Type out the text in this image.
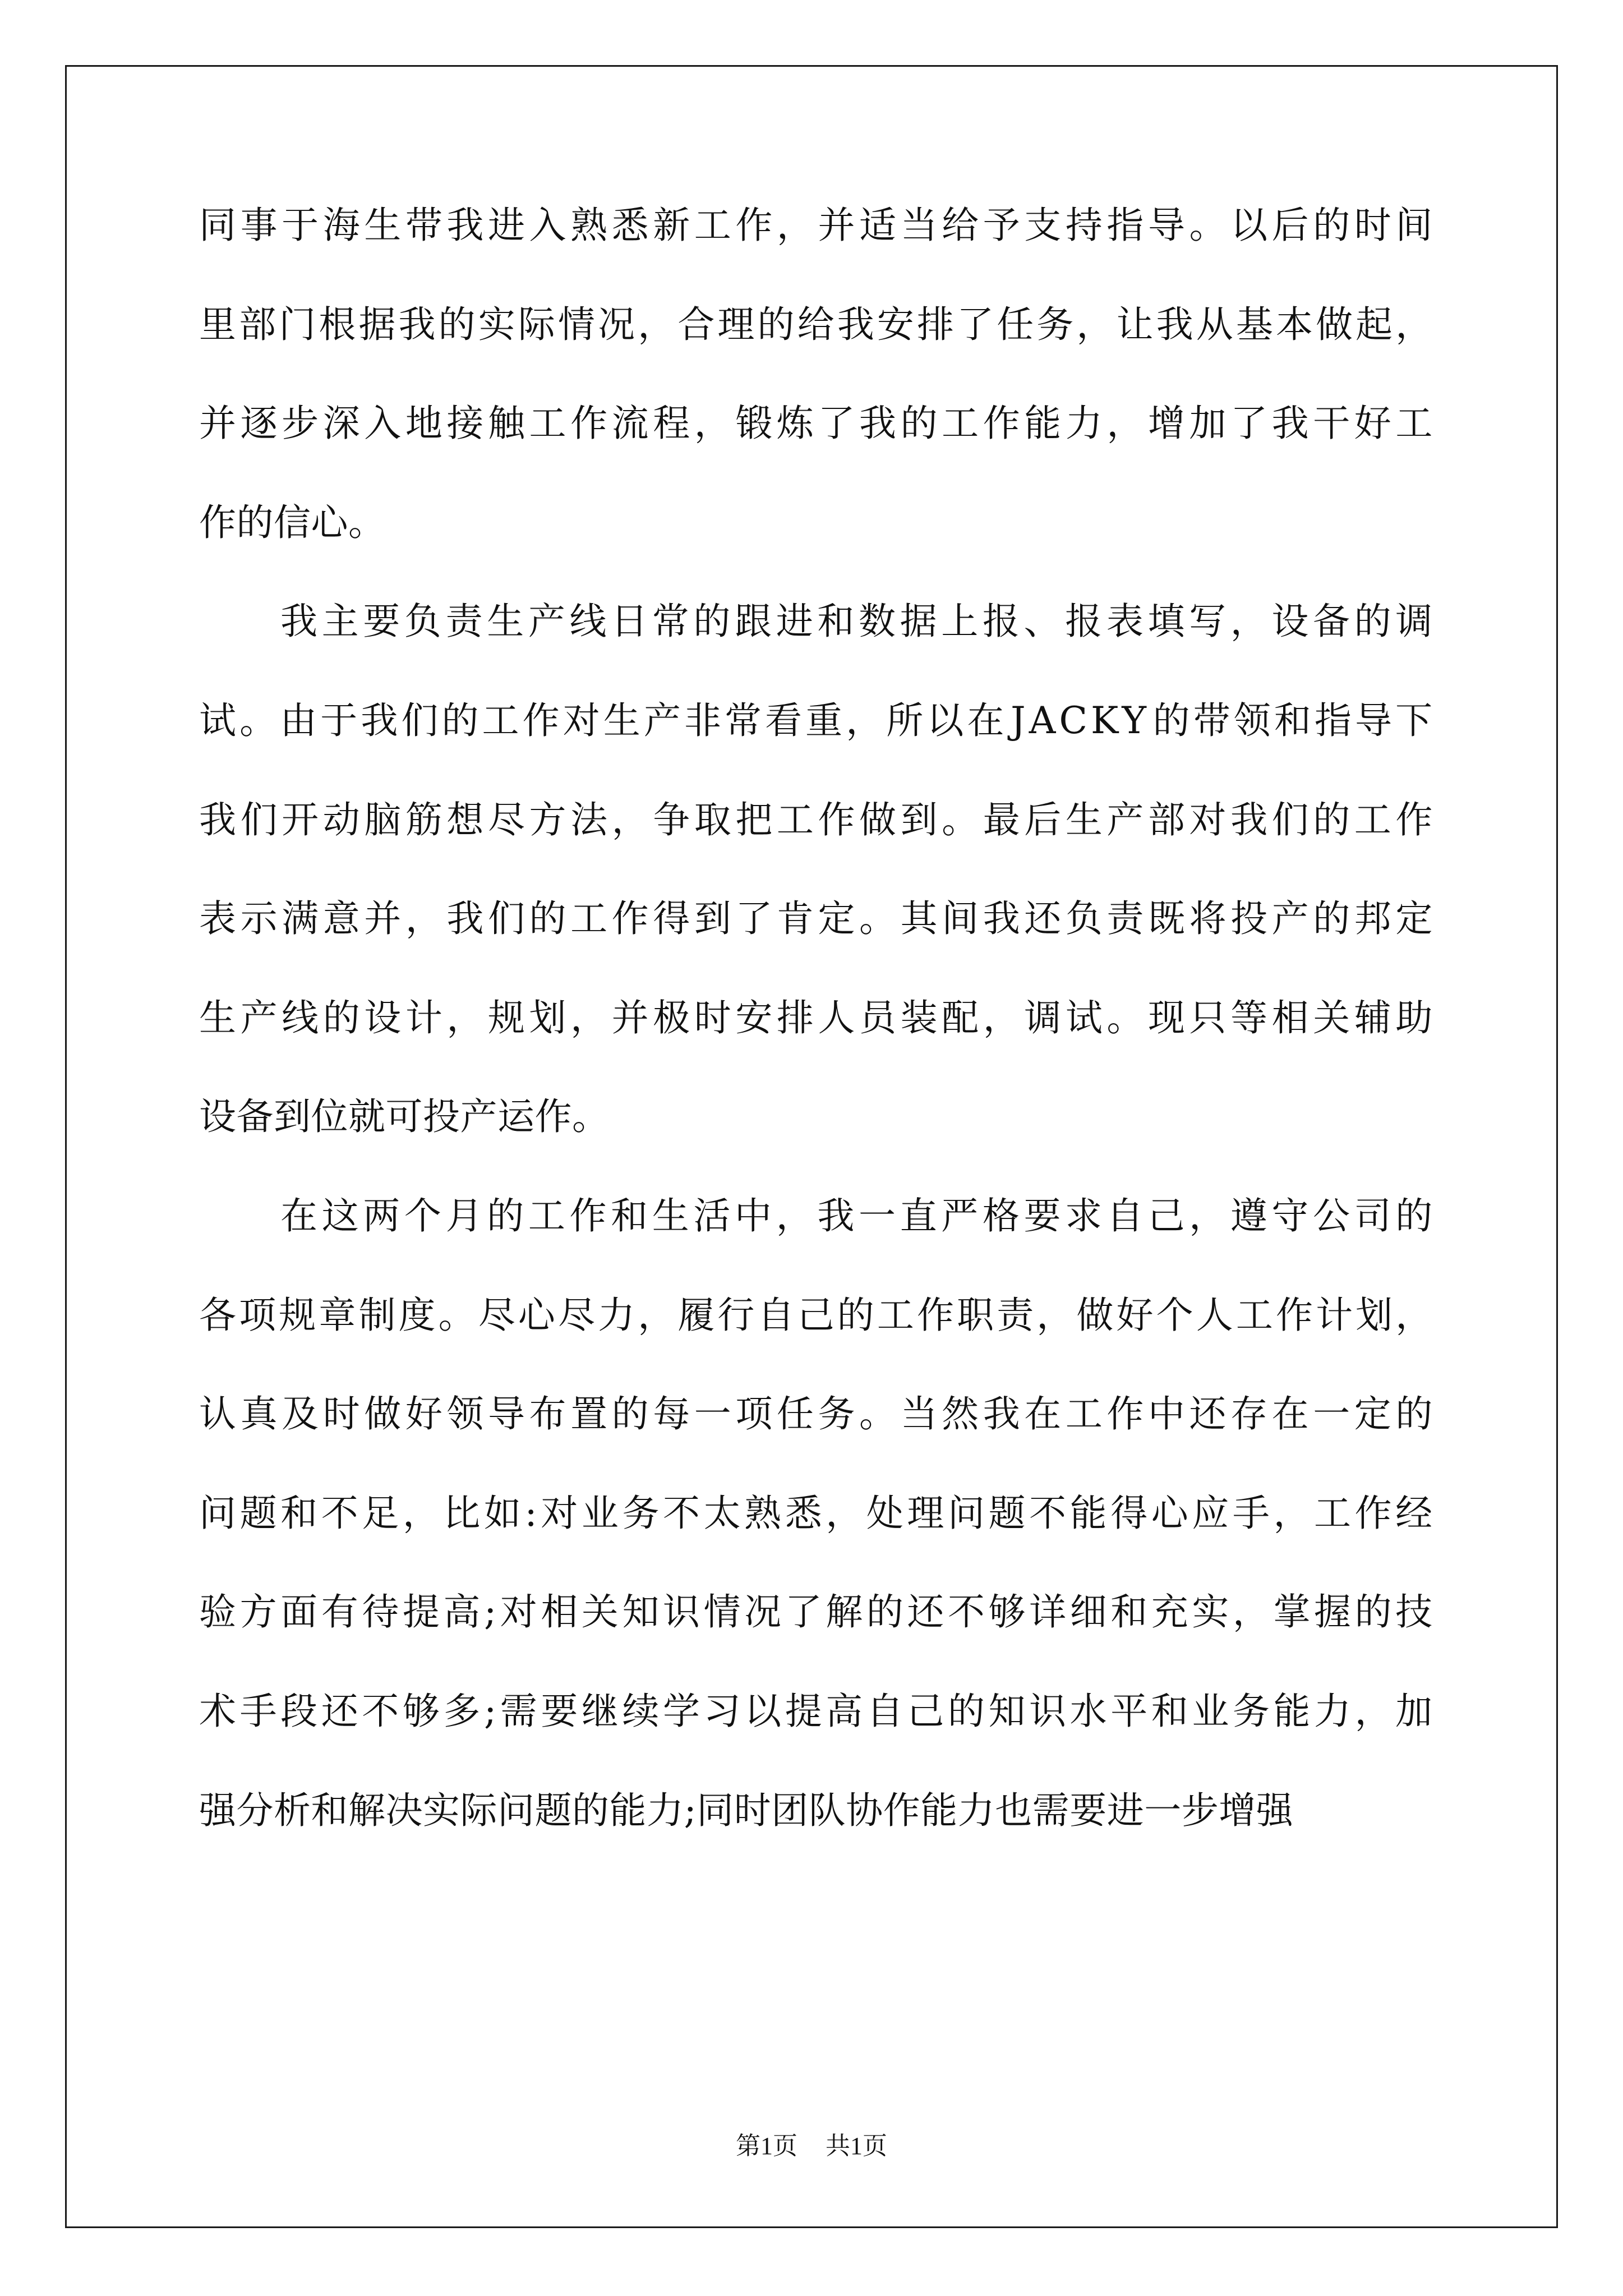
同 事 于 海 生 带 我 进 入 熟 悉 新 工 作 ， 并 适 当 给 予 支 持 指 导 。 以 后 的 时 间
里 部 门 根 据 我 的 实 际 情 况 ， 合 理 的 给 我 安 排 了 任 务 ， 让 我 从 基 本 做 起 ，
并 逐 步 深 入 地 接 触 工 作 流 程 ， 锻 炼 了 我 的 工 作 能 力 ， 增 加 了 我 干 好 工
作的信心。
我 主 要 负 责 生 产 线 日 常 的 跟 进 和 数 据 上 报 、 报 表 填 写 ， 设 备 的 调
试 。 由 于 我 们 的 工 作 对 生 产 非 常 看 重 ， 所 以 在 J A C K Y 的 带 领 和 指 导 下
我 们 开 动 脑 筋 想 尽 方 法 ， 争 取 把 工 作 做 到 。 最 后 生 产 部 对 我 们 的 工 作
表 示 满 意 并 ， 我 们 的 工 作 得 到 了 肯 定 。 其 间 我 还 负 责 既 将 投 产 的 邦 定
生 产 线 的 设 计 ， 规 划 ， 并 极 时 安 排 人 员 装 配 ， 调 试 。 现 只 等 相 关 辅 助
设备到位就可投产运作。
在 这 两 个 月 的 工 作 和 生 活 中 ， 我 一 直 严 格 要 求 自 己 ， 遵 守 公 司 的
各 项 规 章 制 度 。 尽 心 尽 力 ， 履 行 自 己 的 工 作 职 责 ， 做 好 个 人 工 作 计 划 ，
认 真 及 时 做 好 领 导 布 置 的 每 一 项 任 务 。 当 然 我 在 工 作 中 还 存 在 一 定 的
问 题 和 不 足 ， 比 如 : 对 业 务 不 太 熟 悉 ， 处 理 问 题 不 能 得 心 应 手 ， 工 作 经
验 方 面 有 待 提 高 ; 对 相 关 知 识 情 况 了 解 的 还 不 够 详 细 和 充 实 ， 掌 握 的 技
术 手 段 还 不 够 多 ; 需 要 继 续 学 习 以 提 高 自 己 的 知 识 水 平 和 业 务 能 力 ， 加
强分析和解决实际问题的能力;同时团队协作能力也需要进一步增强
第1页 共1页
